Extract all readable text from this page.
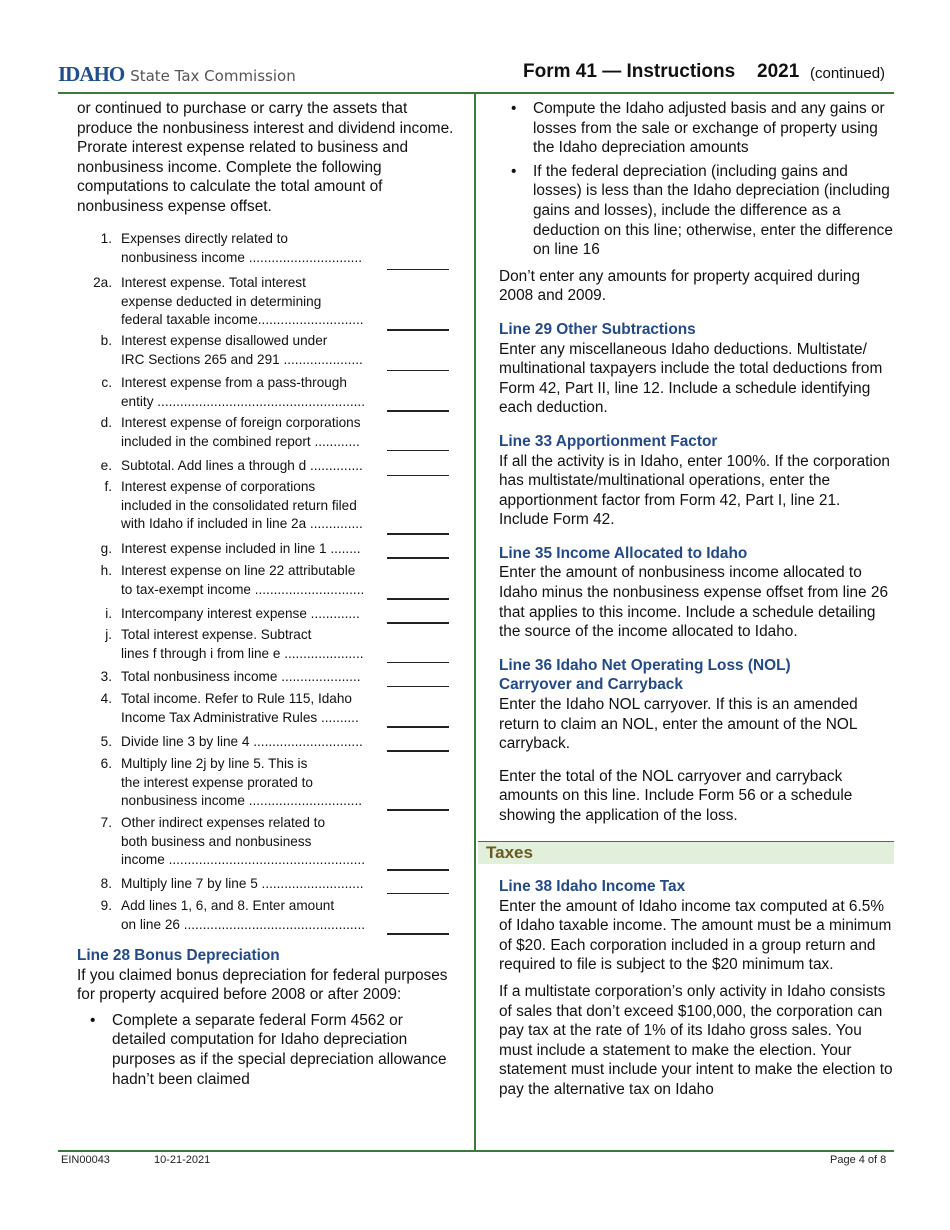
IDAHO State Tax Commission	Form 41 — Instructions 2021 (continued)

or continued to purchase or carry the assets that produce the nonbusiness interest and dividend income. Prorate interest expense related to business and nonbusiness income. Complete the following computations to calculate the total amount of nonbusiness expense offset.

1. Expenses directly related to
nonbusiness income ..............................
2a. Interest expense. Total interest
expense deducted in determining
federal taxable income............................
b. Interest expense disallowed under
IRC Sections 265 and 291 .....................
c. Interest expense from a pass-through
entity .......................................................
d. Interest expense of foreign corporations
included in the combined report ............
e. Subtotal. Add lines a through d ..............
f. Interest expense of corporations
included in the consolidated return filed
with Idaho if included in line 2a ..............
g. Interest expense included in line 1 ........
h. Interest expense on line 22 attributable
to tax-exempt income .............................
i. Intercompany interest expense .............
j. Total interest expense. Subtract
lines f through i from line e .....................
3. Total nonbusiness income .....................
4. Total income. Refer to Rule 115, Idaho
Income Tax Administrative Rules ..........
5. Divide line 3 by line 4 .............................
6. Multiply line 2j by line 5. This is
the interest expense prorated to
nonbusiness income ..............................
7. Other indirect expenses related to
both business and nonbusiness
income ....................................................
8. Multiply line 7 by line 5 ...........................
9. Add lines 1, 6, and 8. Enter amount
on line 26 ................................................
Line 28 Bonus Depreciation

If you claimed bonus depreciation for federal purposes for property acquired before 2008 or after 2009:

• Complete a separate federal Form 4562 or detailed computation for Idaho depreciation purposes as if the special depreciation allowance hadn’t been claimed
• Compute the Idaho adjusted basis and any gains or losses from the sale or exchange of property using the Idaho depreciation amounts
• If the federal depreciation (including gains and losses) is less than the Idaho depreciation (including gains and losses), include the difference as a deduction on this line; otherwise, enter the difference on line 16

Don’t enter any amounts for property acquired during 2008 and 2009.

Line 29 Other Subtractions

Enter any miscellaneous Idaho deductions. Multistate/ multinational taxpayers include the total deductions from Form 42, Part II, line 12. Include a schedule identifying each deduction.

Line 33 Apportionment Factor

If all the activity is in Idaho, enter 100%. If the corporation has multistate/multinational operations, enter the apportionment factor from Form 42, Part I, line 21. Include Form 42.

Line 35 Income Allocated to Idaho

Enter the amount of nonbusiness income allocated to Idaho minus the nonbusiness expense offset from line 26 that applies to this income. Include a schedule detailing the source of the income allocated to Idaho.

Line 36 Idaho Net Operating Loss (NOL)
Carryover and Carryback

Enter the Idaho NOL carryover. If this is an amended return to claim an NOL, enter the amount of the NOL carryback.

Enter the total of the NOL carryover and carryback amounts on this line. Include Form 56 or a schedule showing the application of the loss.

Taxes
Line 38 Idaho Income Tax

Enter the amount of Idaho income tax computed at 6.5% of Idaho taxable income. The amount must be a minimum of $20. Each corporation included in a group return and required to file is subject to the $20 minimum tax.

If a multistate corporation’s only activity in Idaho consists of sales that don’t exceed $100,000, the corporation can pay tax at the rate of 1% of its Idaho gross sales. You must include a statement to make the election. Your statement must include your intent to make the election to pay the alternative tax on Idaho

EIN00043	10-21-2021	Page 4 of 8
